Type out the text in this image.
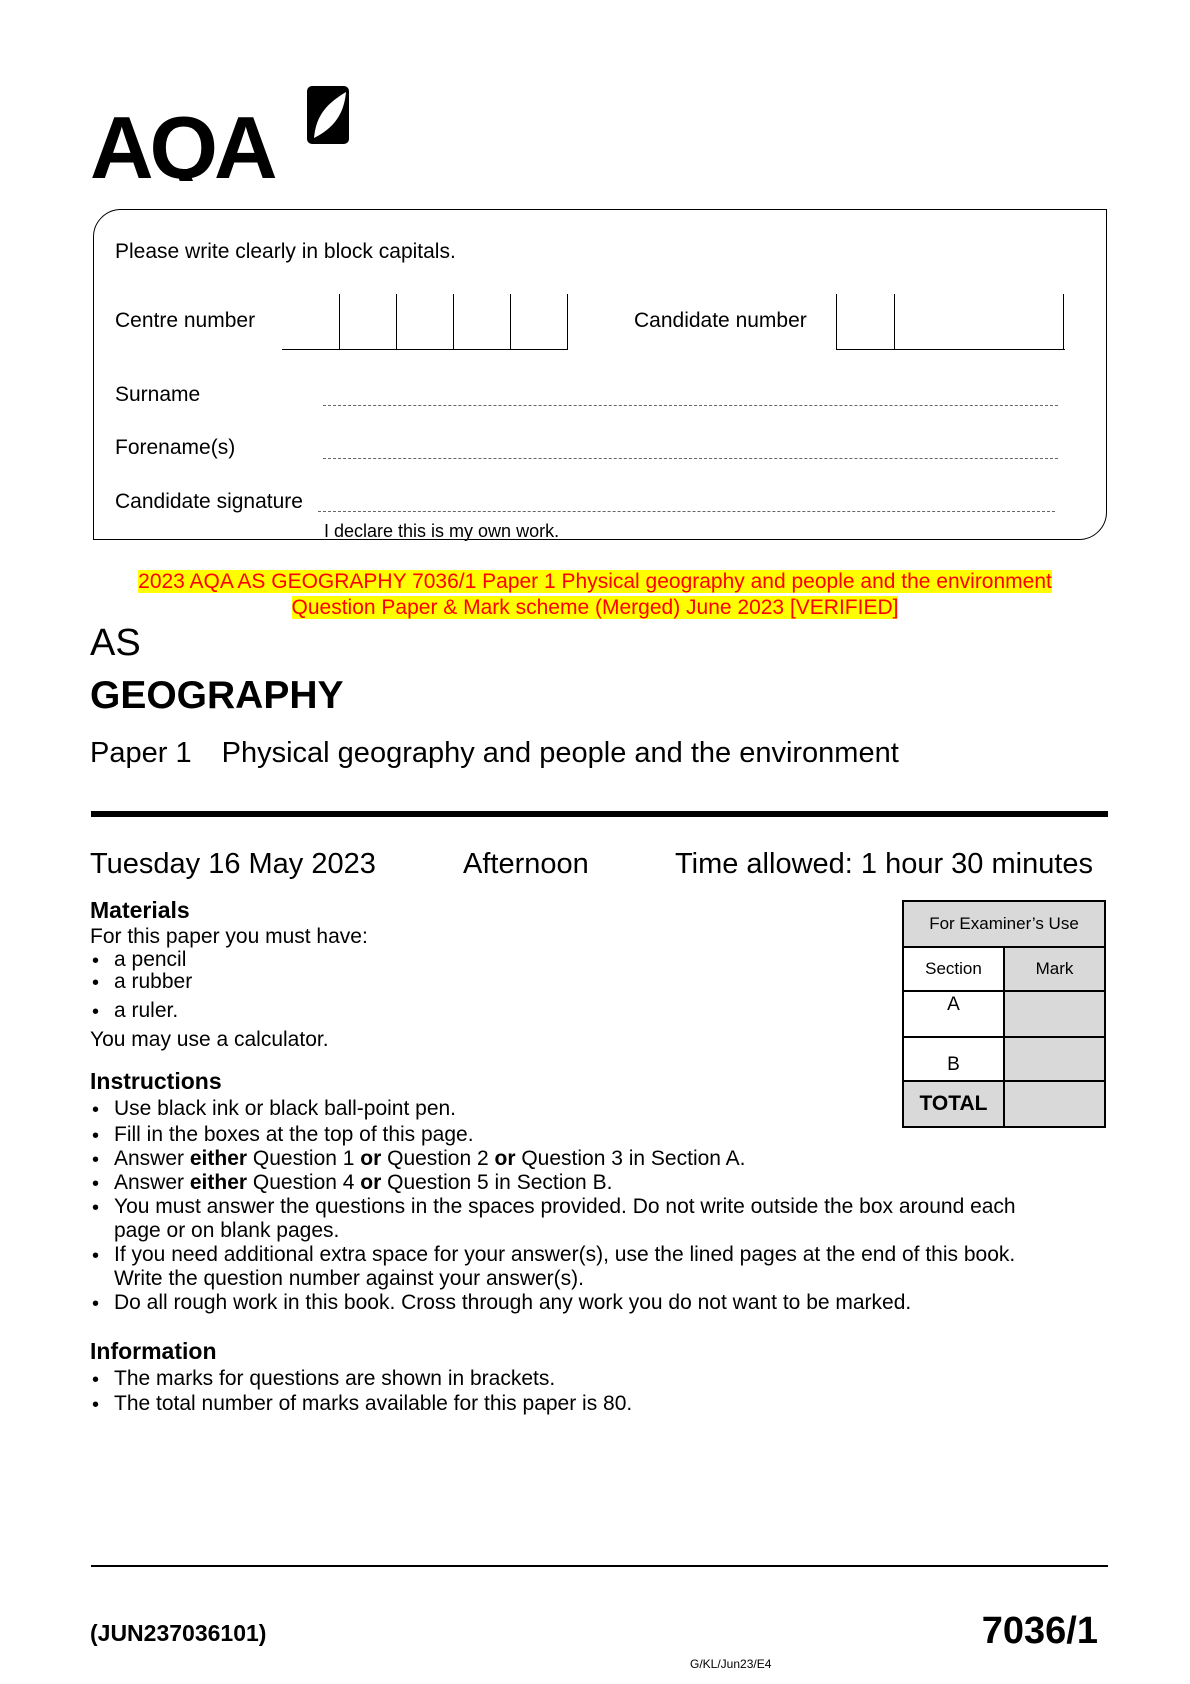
AQA
Please write clearly in block capitals.
Centre number	Candidate number
Surname
Forename(s)
Candidate signature
I declare this is my own work.
2023 AQA AS GEOGRAPHY 7036/1 Paper 1 Physical geography and people and the environment
Question Paper & Mark scheme (Merged) June 2023 [VERIFIED]
AS
GEOGRAPHY
Paper 1 Physical geography and people and the environment
Tuesday 16 May 2023	Afternoon	Time allowed: 1 hour 30 minutes
Materials
For this paper you must have:
• a pencil
• a rubber
• a ruler.
You may use a calculator.
Instructions
• Use black ink or black ball-point pen.
• Fill in the boxes at the top of this page.
• Answer either Question 1 or Question 2 or Question 3 in Section A.
• Answer either Question 4 or Question 5 in Section B.
• You must answer the questions in the spaces provided. Do not write outside the box around each
page or on blank pages.
• If you need additional extra space for your answer(s), use the lined pages at the end of this book.
Write the question number against your answer(s).
• Do all rough work in this book. Cross through any work you do not want to be marked.
Information
• The marks for questions are shown in brackets.
• The total number of marks available for this paper is 80.
For Examiner’s Use	
Section	Mark
A	
B	
TOTAL	
(JUN237036101)	7036/1
G/KL/Jun23/E4
